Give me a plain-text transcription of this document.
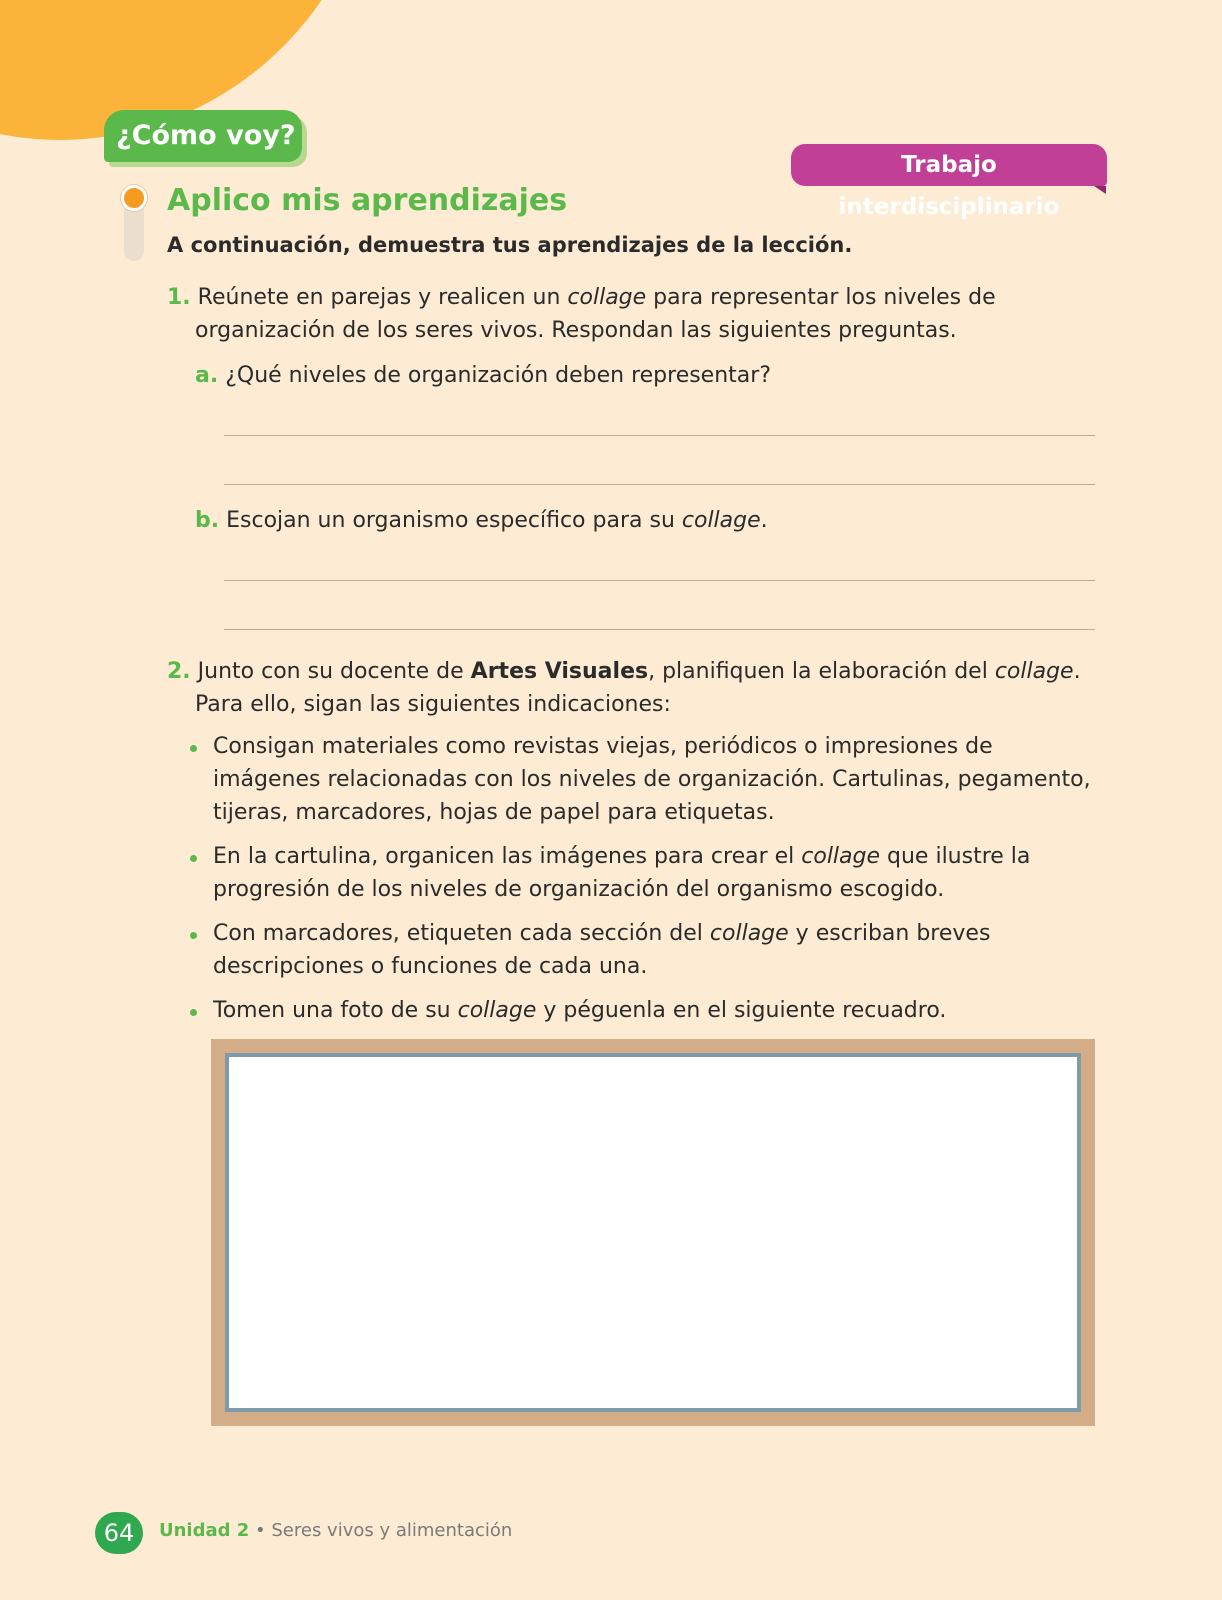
¿Cómo voy?
Trabajo interdisciplinario
Aplico mis aprendizajes
A continuación, demuestra tus aprendizajes de la lección.
1. Reúnete en parejas y realicen un collage para representar los niveles de
organización de los seres vivos. Respondan las siguientes preguntas.
a. ¿Qué niveles de organización deben representar?
b. Escojan un organismo específico para su collage.
2. Junto con su docente de Artes Visuales, planifiquen la elaboración del collage.
Para ello, sigan las siguientes indicaciones:
Consigan materiales como revistas viejas, periódicos o impresiones de imágenes relacionadas con los niveles de organización. Cartulinas, pegamento, tijeras, marcadores, hojas de papel para etiquetas.
En la cartulina, organicen las imágenes para crear el collage que ilustre la progresión de los niveles de organización del organismo escogido.
Con marcadores, etiqueten cada sección del collage y escriban breves descripciones o funciones de cada una.
Tomen una foto de su collage y péguenla en el siguiente recuadro.
64	Unidad 2 • Seres vivos y alimentación
